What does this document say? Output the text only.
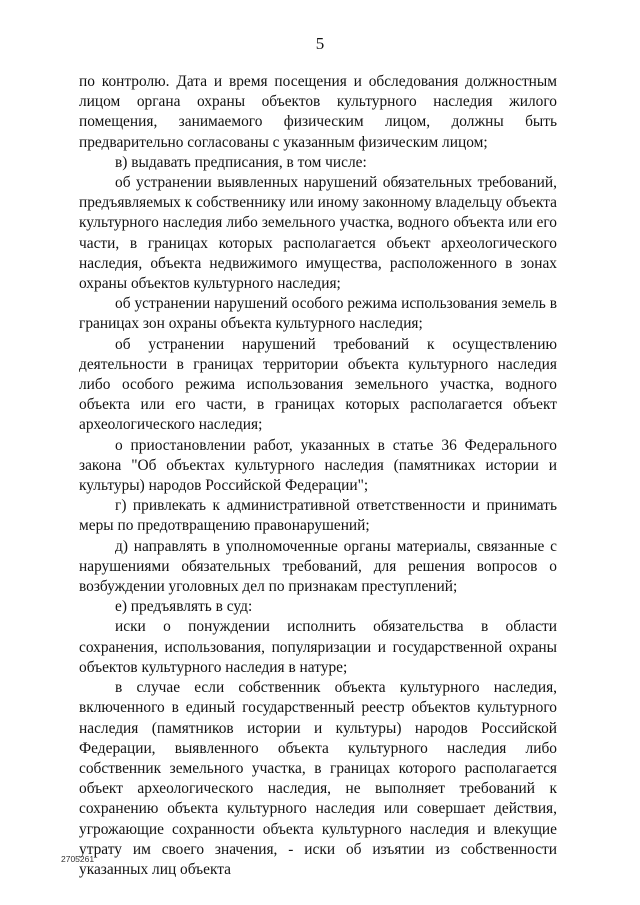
5

по контролю. Дата и время посещения и обследования должностным лицом органа охраны объектов культурного наследия жилого помещения, занимаемого физическим лицом, должны быть предварительно согласованы с указанным физическим лицом;

в) выдавать предписания, в том числе:

об устранении выявленных нарушений обязательных требований, предъявляемых к собственнику или иному законному владельцу объекта культурного наследия либо земельного участка, водного объекта или его части, в границах которых располагается объект археологического наследия, объекта недвижимого имущества, расположенного в зонах охраны объектов культурного наследия;

об устранении нарушений особого режима использования земель в границах зон охраны объекта культурного наследия;

об устранении нарушений требований к осуществлению деятельности в границах территории объекта культурного наследия либо особого режима использования земельного участка, водного объекта или его части, в границах которых располагается объект археологического наследия;

о приостановлении работ, указанных в статье 36 Федерального закона "Об объектах культурного наследия (памятниках истории и культуры) народов Российской Федерации";

г) привлекать к административной ответственности и принимать меры по предотвращению правонарушений;

д) направлять в уполномоченные органы материалы, связанные с нарушениями обязательных требований, для решения вопросов о возбуждении уголовных дел по признакам преступлений;

е) предъявлять в суд:

иски о понуждении исполнить обязательства в области сохранения, использования, популяризации и государственной охраны объектов культурного наследия в натуре;

в случае если собственник объекта культурного наследия, включенного в единый государственный реестр объектов культурного наследия (памятников истории и культуры) народов Российской Федерации, выявленного объекта культурного наследия либо собственник земельного участка, в границах которого располагается объект археологического наследия, не выполняет требований к сохранению объекта культурного наследия или совершает действия, угрожающие сохранности объекта культурного наследия и влекущие утрату им своего значения, - иски об изъятии из собственности указанных лиц объекта

2705261
